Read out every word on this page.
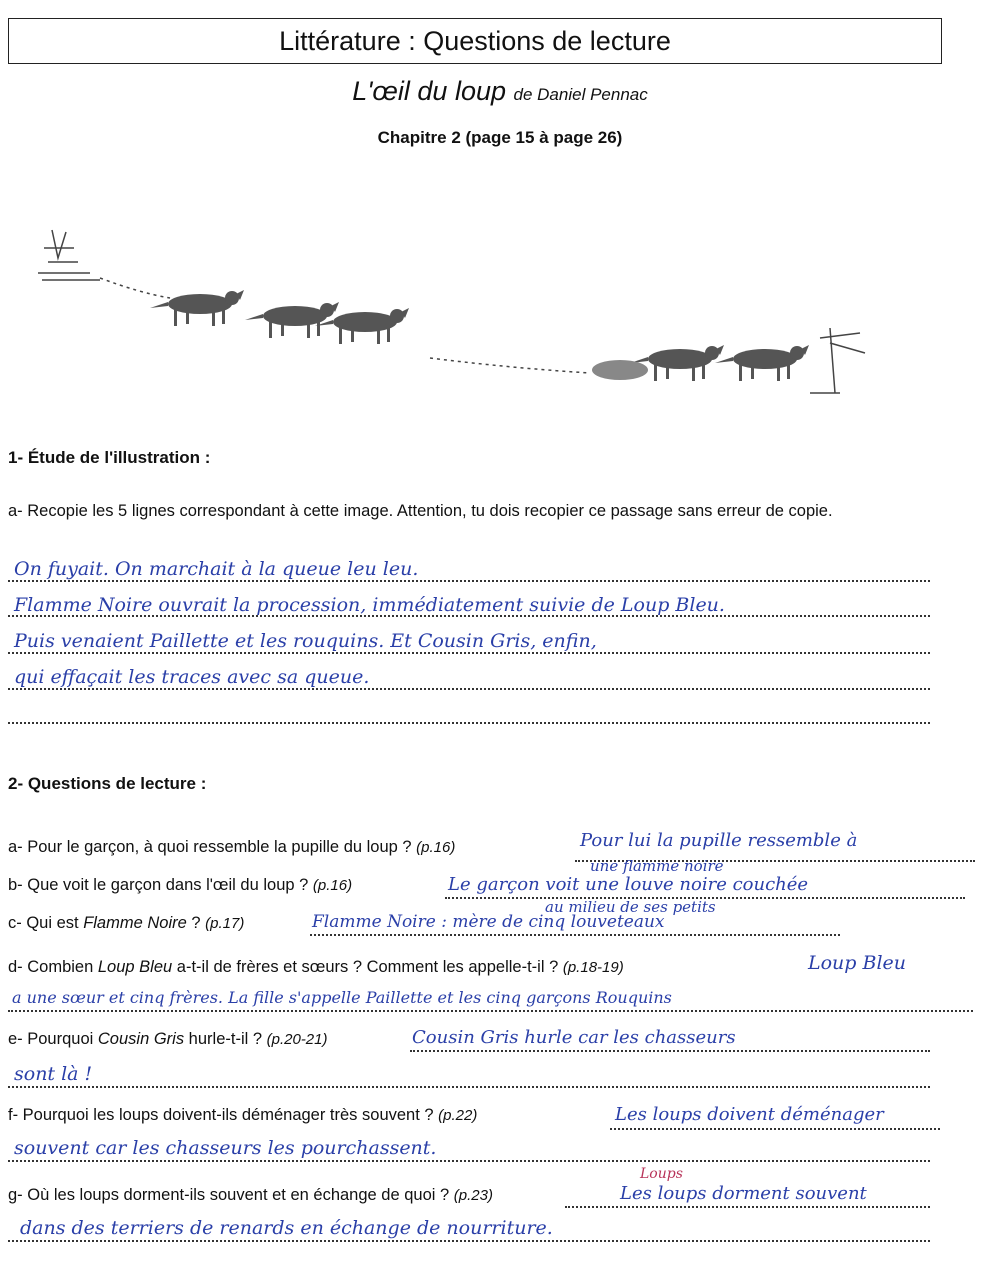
Littérature : Questions de lecture
L'œil du loup de Daniel Pennac
Chapitre 2 (page 15 à page 26)
1- Étude de l'illustration :
a- Recopie les 5 lignes correspondant à cette image. Attention, tu dois recopier ce passage sans erreur de copie.
On fuyait. On marchait à la queue leu leu.
Flamme Noire ouvrait la procession, immédiatement suivie de Loup Bleu.
Puis venaient Paillette et les rouquins. Et Cousin Gris, enfin,
qui effaçait les traces avec sa queue.
2- Questions de lecture :
a- Pour le garçon, à quoi ressemble la pupille du loup ? (p.16)
b- Que voit le garçon dans l'œil du loup ? (p.16)
c- Qui est Flamme Noire ? (p.17)
d- Combien Loup Bleu a-t-il de frères et sœurs ? Comment les appelle-t-il ? (p.18-19)
e- Pourquoi Cousin Gris hurle-t-il ? (p.20-21)
f- Pourquoi les loups doivent-ils déménager très souvent ? (p.22)
g- Où les loups dorment-ils souvent et en échange de quoi ? (p.23)
Pour lui la pupille ressemble à
une flamme noire
Le garçon voit une louve noire couchée
au milieu de ses petits
Flamme Noire : mère de cinq louveteaux
Loup Bleu
a une sœur et cinq frères. La fille s'appelle Paillette et les cinq garçons Rouquins
Cousin Gris hurle car les chasseurs
sont là !
Les loups doivent déménager
souvent car les chasseurs les pourchassent.
Loups
Les loups dorment souvent
dans des terriers de renards en échange de nourriture.
